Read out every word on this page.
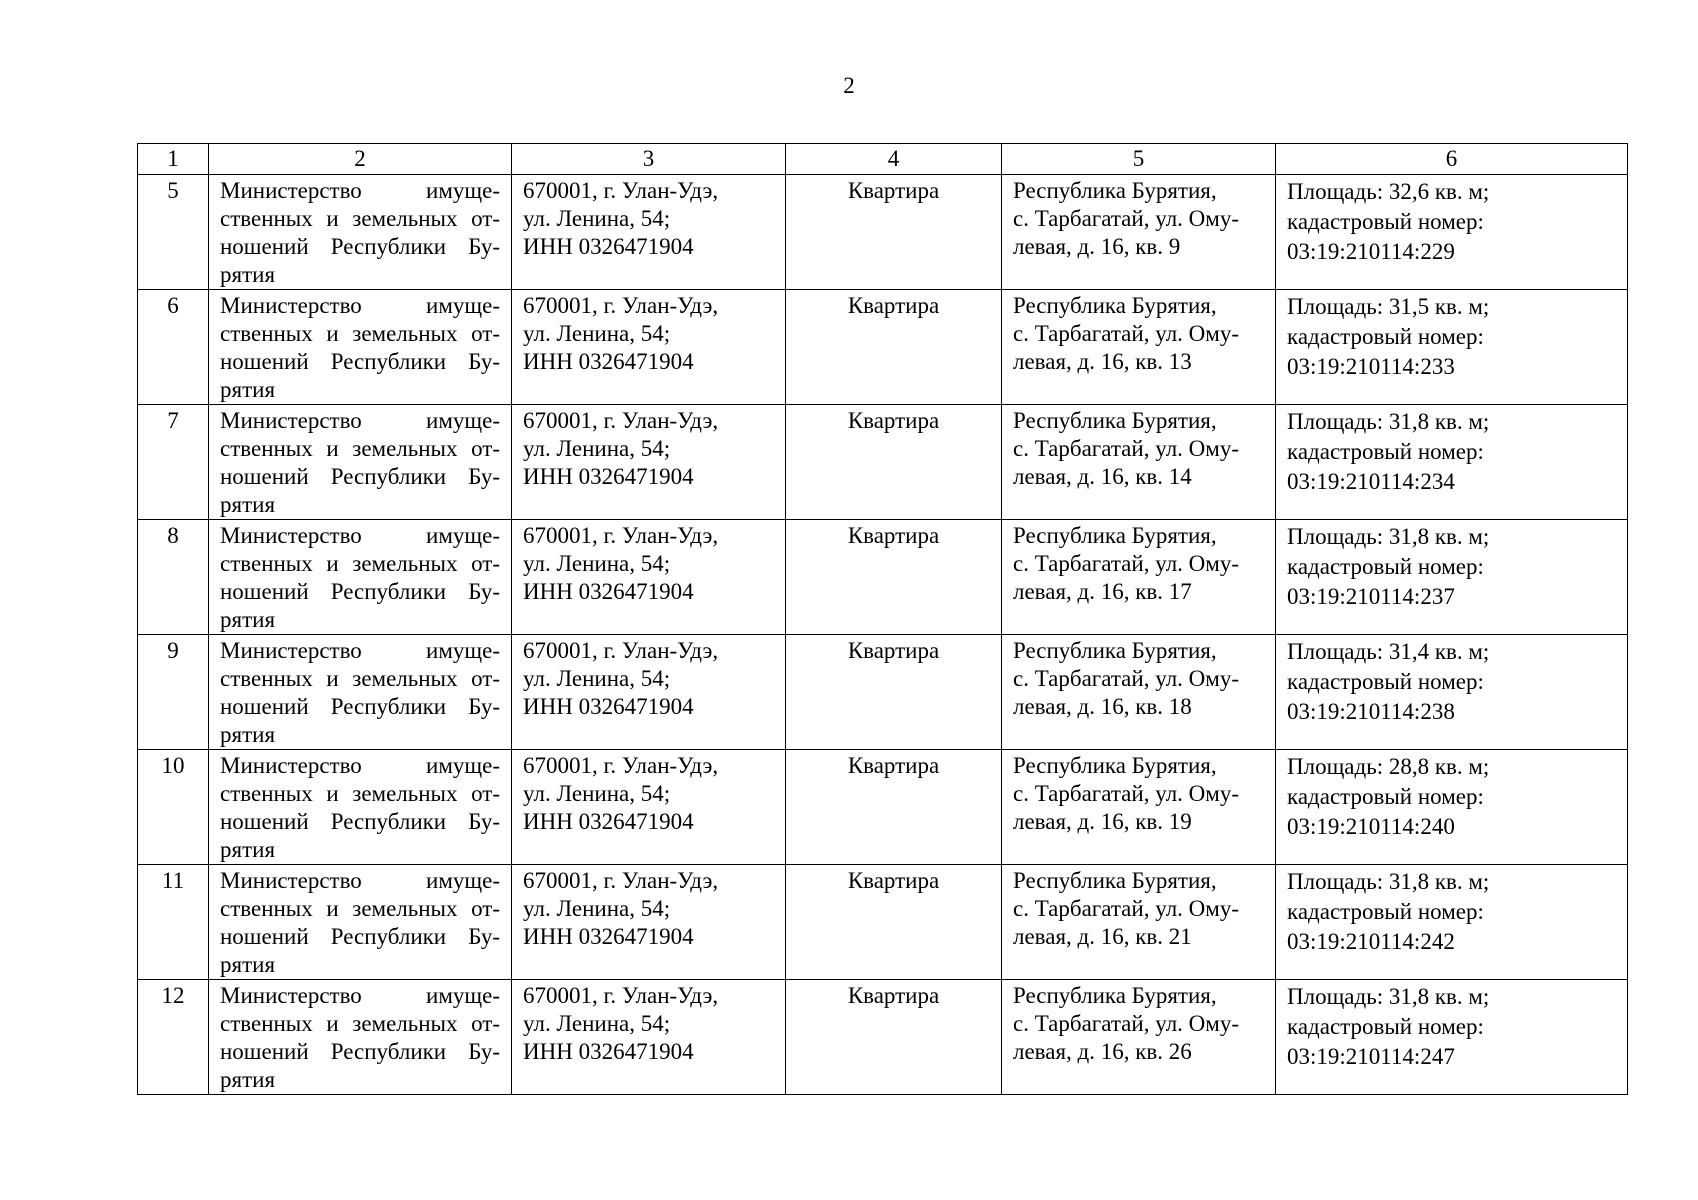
2
1	2	3	4	5	6

5	Министерство имуще-
ственных и земельных от-
ношений Республики Бу-
рятия	670001, г. Улан-Удэ,
ул. Ленина, 54;
ИНН 0326471904	Квартира	Республика Бурятия,
с. Тарбагатай, ул. Ому-
левая, д. 16, кв. 9	Площадь: 32,6 кв. м;
кадастровый номер:
03:19:210114:229

6	Министерство имуще-
ственных и земельных от-
ношений Республики Бу-
рятия	670001, г. Улан-Удэ,
ул. Ленина, 54;
ИНН 0326471904	Квартира	Республика Бурятия,
с. Тарбагатай, ул. Ому-
левая, д. 16, кв. 13	Площадь: 31,5 кв. м;
кадастровый номер:
03:19:210114:233

7	Министерство имуще-
ственных и земельных от-
ношений Республики Бу-
рятия	670001, г. Улан-Удэ,
ул. Ленина, 54;
ИНН 0326471904	Квартира	Республика Бурятия,
с. Тарбагатай, ул. Ому-
левая, д. 16, кв. 14	Площадь: 31,8 кв. м;
кадастровый номер:
03:19:210114:234

8	Министерство имуще-
ственных и земельных от-
ношений Республики Бу-
рятия	670001, г. Улан-Удэ,
ул. Ленина, 54;
ИНН 0326471904	Квартира	Республика Бурятия,
с. Тарбагатай, ул. Ому-
левая, д. 16, кв. 17	Площадь: 31,8 кв. м;
кадастровый номер:
03:19:210114:237

9	Министерство имуще-
ственных и земельных от-
ношений Республики Бу-
рятия	670001, г. Улан-Удэ,
ул. Ленина, 54;
ИНН 0326471904	Квартира	Республика Бурятия,
с. Тарбагатай, ул. Ому-
левая, д. 16, кв. 18	Площадь: 31,4 кв. м;
кадастровый номер:
03:19:210114:238

10	Министерство имуще-
ственных и земельных от-
ношений Республики Бу-
рятия	670001, г. Улан-Удэ,
ул. Ленина, 54;
ИНН 0326471904	Квартира	Республика Бурятия,
с. Тарбагатай, ул. Ому-
левая, д. 16, кв. 19	Площадь: 28,8 кв. м;
кадастровый номер:
03:19:210114:240

11	Министерство имуще-
ственных и земельных от-
ношений Республики Бу-
рятия	670001, г. Улан-Удэ,
ул. Ленина, 54;
ИНН 0326471904	Квартира	Республика Бурятия,
с. Тарбагатай, ул. Ому-
левая, д. 16, кв. 21	Площадь: 31,8 кв. м;
кадастровый номер:
03:19:210114:242

12	Министерство имуще-
ственных и земельных от-
ношений Республики Бу-
рятия	670001, г. Улан-Удэ,
ул. Ленина, 54;
ИНН 0326471904	Квартира	Республика Бурятия,
с. Тарбагатай, ул. Ому-
левая, д. 16, кв. 26	Площадь: 31,8 кв. м;
кадастровый номер:
03:19:210114:247
